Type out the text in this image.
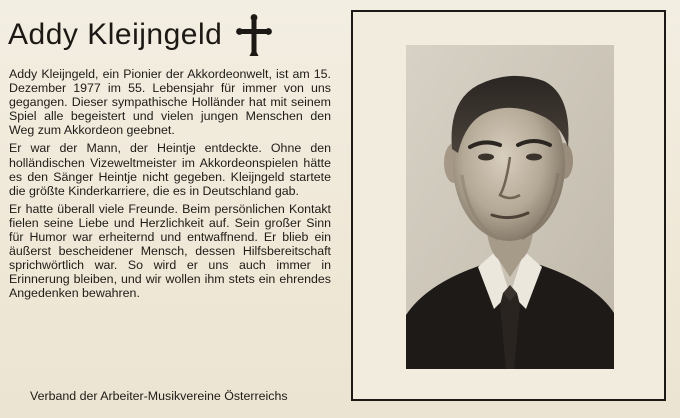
Addy Kleijngeld

Addy Kleijngeld, ein Pionier der Akkordeonwelt, ist am 15. Dezember 1977 im 55. Lebensjahr für immer von uns gegangen. Dieser sympathische Holländer hat mit seinem Spiel alle begeistert und vielen jungen Menschen den Weg zum Akkordeon geebnet.

Er war der Mann, der Heintje entdeckte. Ohne den holländischen Vizeweltmeister im Akkordeonspielen hätte es den Sänger Heintje nicht gegeben. Kleijngeld startete die größte Kinderkarriere, die es in Deutschland gab.

Er hatte überall viele Freunde. Beim persönlichen Kontakt fielen seine Liebe und Herzlichkeit auf. Sein großer Sinn für Humor war erheiternd und entwaffnend. Er blieb ein äußerst bescheidener Mensch, dessen Hilfsbereitschaft sprichwörtlich war. So wird er uns auch immer in Erinnerung bleiben, und wir wollen ihm stets ein ehrendes Angedenken bewahren.

Verband der Arbeiter-Musikvereine Österreichs
